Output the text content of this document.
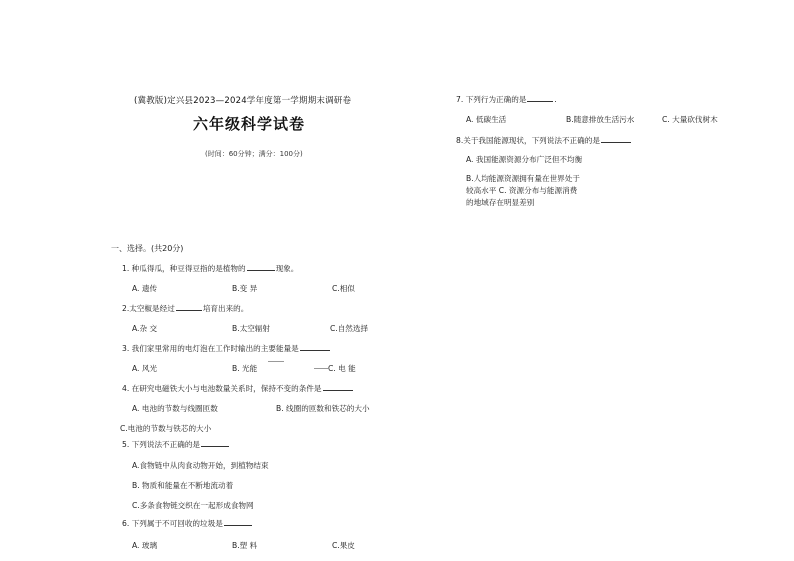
(冀教版)定兴县2023—2024学年度第一学期期末调研卷
六年级科学试卷
(时间：60分钟；满分：100分)
一、选择。(共20分)
1. 种瓜得瓜，种豆得豆指的是植物的	现象。
A. 遗传	B.变 异	C.相似
2.太空椒是经过	培育出来的。
A.杂 交	B.太空辐射	C.自然选择
3. 我们家里常用的电灯泡在工作时输出的主要能量是
A. 风光	B. 光能	C. 电 能
4. 在研究电磁铁大小与电池数量关系时，保持不变的条件是
A. 电池的节数与线圈匝数	B. 线圈的匝数和铁芯的大小
C.电池的节数与铁芯的大小
5. 下列说法不正确的是
A.食物链中从肉食动物开始，到植物结束
B. 物质和能量在不断地流动着
C.多条食物链交织在一起形成食物网
6. 下列属于不可回收的垃圾是
A. 玻璃	B.塑 料	C.果皮
7. 下列行为正确的是	.
A. 低碳生活	B.随意排放生活污水	C. 大量砍伐树木
8.关于我国能源现状，下列说法不正确的是
A. 我国能源资源分布广泛但不均衡
B.人均能源资源拥有量在世界处于
较高水平 C. 资源分布与能源消费
的地域存在明显差别
